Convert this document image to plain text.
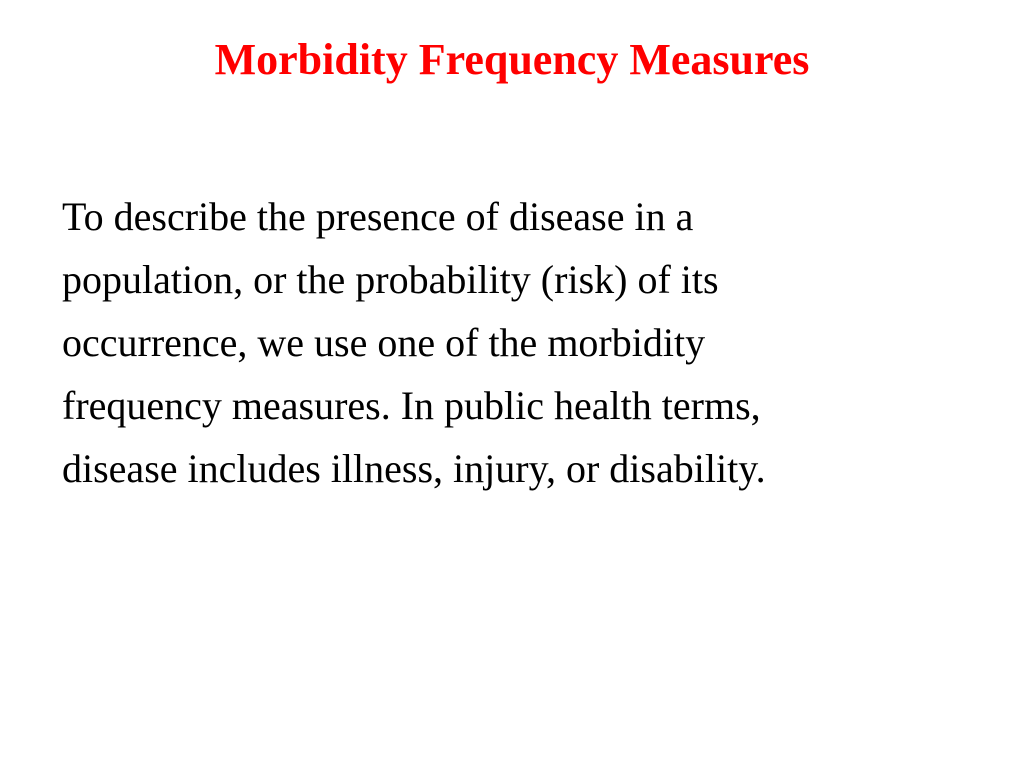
Morbidity Frequency Measures
To describe the presence of disease in a
population, or the probability (risk) of its
occurrence, we use one of the morbidity
frequency measures. In public health terms,
disease includes illness, injury, or disability.
